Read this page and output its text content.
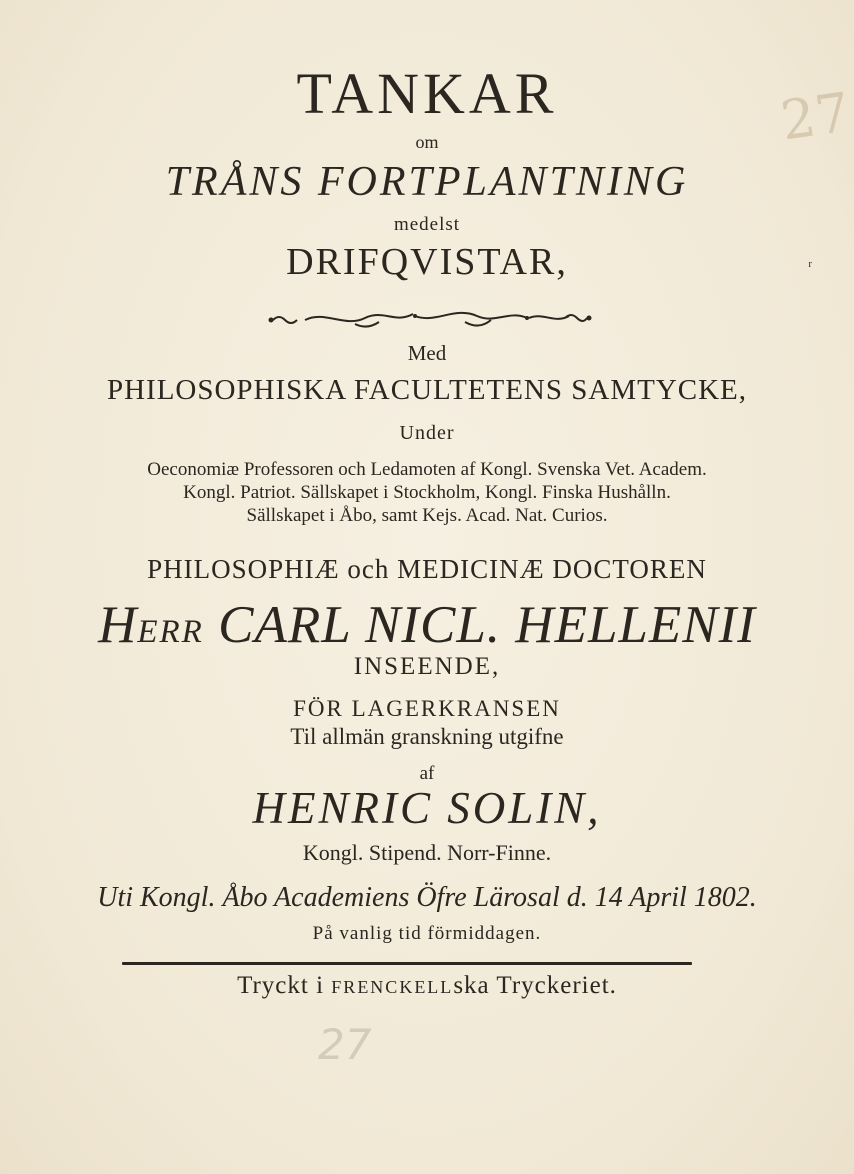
TANKAR
om
TRÅNS FORTPLANTNING
medelst
DRIFQVISTAR,
Med
PHILOSOPHISKA FACULTETENS SAMTYCKE,
Under
Oeconomiæ Professoren och Ledamoten af Kongl. Svenska Vet. Academ.
Kongl. Patriot. Sällskapet i Stockholm, Kongl. Finska Hushålln.
Sällskapet i Åbo, samt Kejs. Acad. Nat. Curios.
PHILOSOPHIÆ och MEDICINÆ DOCTOREN
HERR CARL NICL. HELLENII
INSEENDE,
FÖR LAGERKRANSEN
Til allmän granskning utgifne
af
HENRIC SOLIN,
Kongl. Stipend. Norr-Finne.
Uti Kongl. Åbo Academiens Öfre Lärosal d. 14 April 1802.
På vanlig tid förmiddagen.
Tryckt i FRENCKELLska Tryckeriet.
27
ʳ
27
